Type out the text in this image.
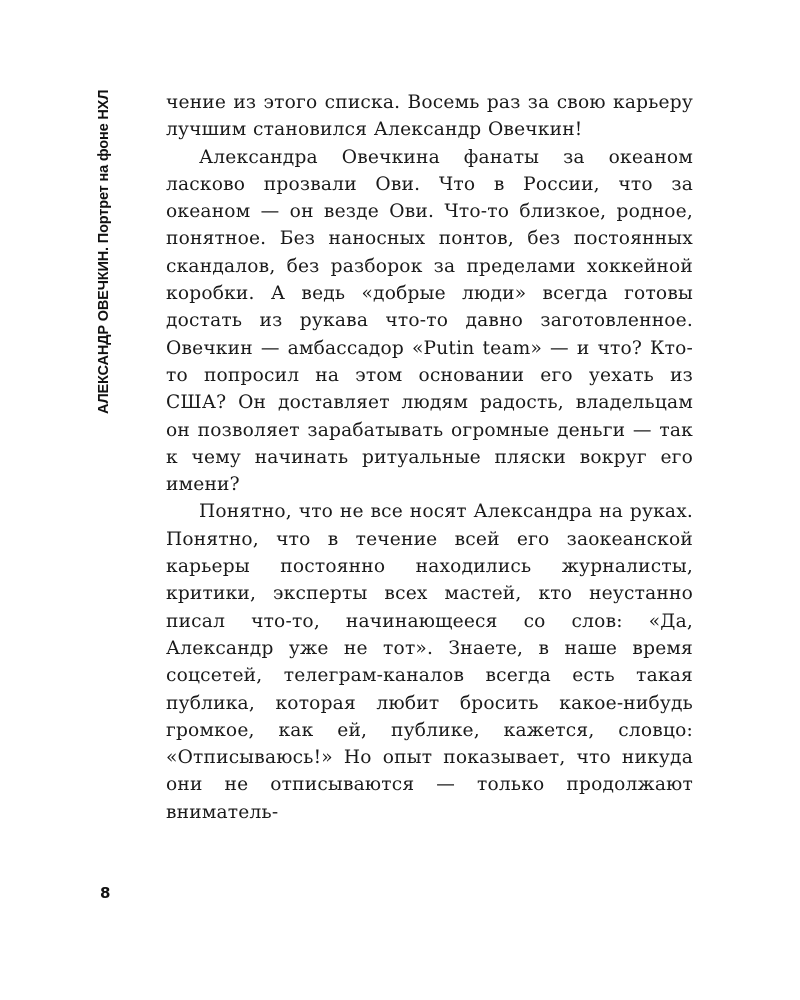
АЛЕКСАНДР ОВЕЧКИН. Портрет на фоне НХЛ	чение из этого списка. Восемь раз за свою карьеру лучшим становился Александр Овечкин!

Александра Овечкина фанаты за океаном ласково прозвали Ови. Что в России, что за океаном — он везде Ови. Что-то близкое, родное, понятное. Без наносных понтов, без постоянных скандалов, без разборок за пределами хоккейной коробки. А ведь «добрые люди» всегда готовы достать из рукава что-то давно заготовленное. Овечкин — амбассадор «Putin team» — и что? Кто-то попросил на этом основании его уехать из США? Он доставляет людям радость, владельцам он позволяет зарабатывать огромные деньги — так к чему начинать ритуальные пляски вокруг его имени?

Понятно, что не все носят Александра на руках. Понятно, что в течение всей его заокеанской карьеры постоянно находились журналисты, критики, эксперты всех мастей, кто неустанно писал что-то, начинающееся со слов: «Да, Александр уже не тот». Знаете, в наше время соцсетей, телеграм-каналов всегда есть такая публика, которая любит бросить какое-нибудь громкое, как ей, публике, кажется, словцо: «Отписываюсь!» Но опыт показывает, что никуда они не отписываются — только продолжают вниматель-

8
